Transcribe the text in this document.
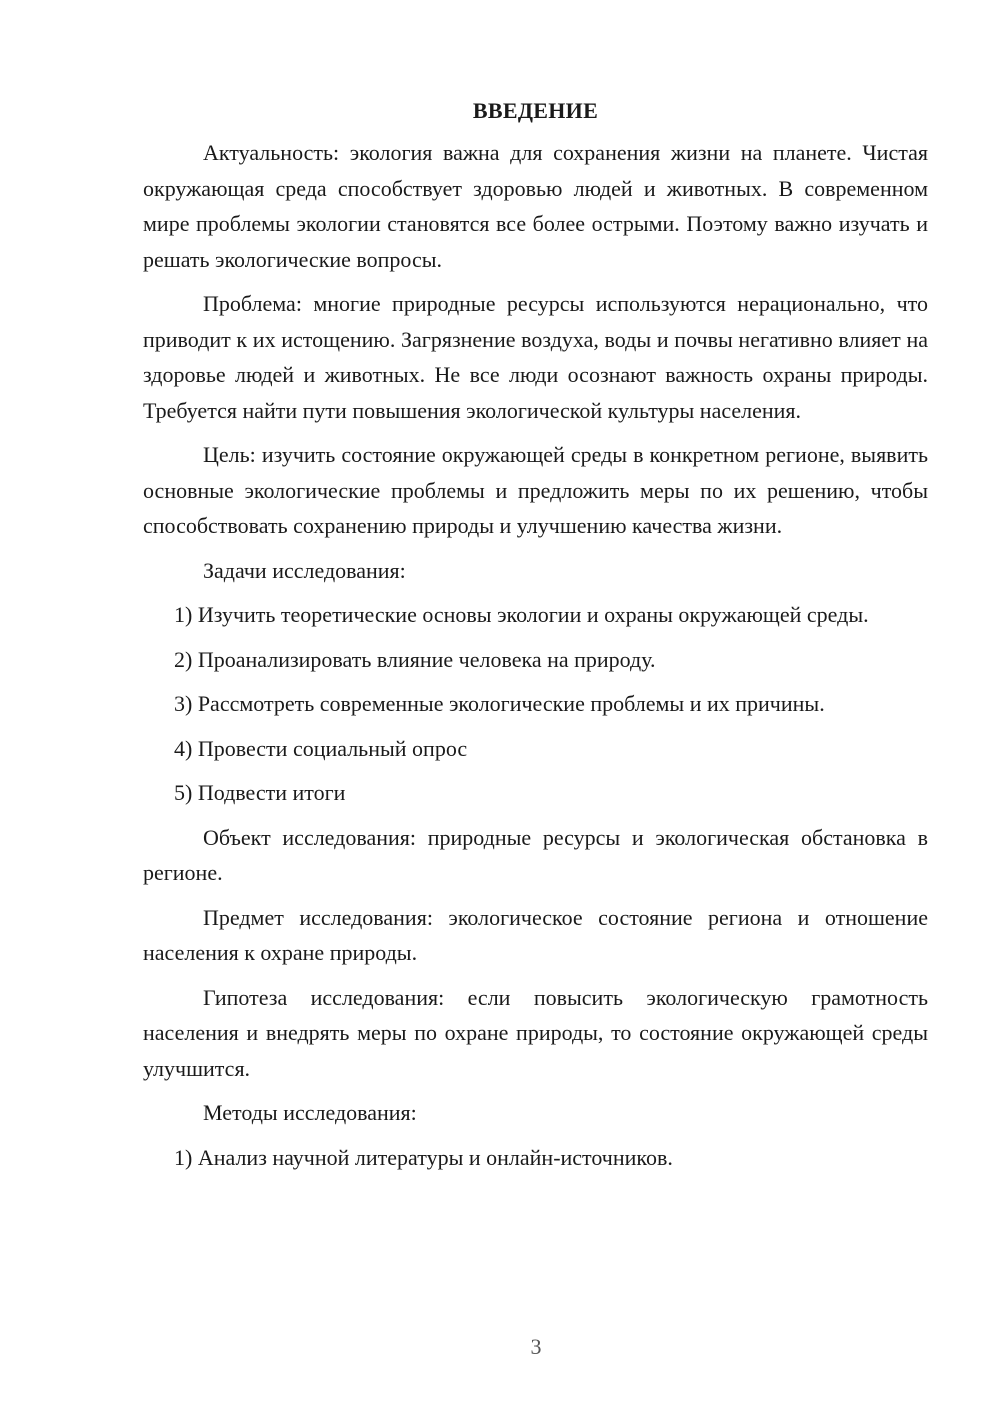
ВВЕДЕНИЕ

Актуальность: экология важна для сохранения жизни на планете. Чистая окружающая среда способствует здоровью людей и животных. В современном мире проблемы экологии становятся все более острыми. Поэтому важно изучать и решать экологические вопросы.

Проблема: многие природные ресурсы используются нерационально, что приводит к их истощению. Загрязнение воздуха, воды и почвы негативно влияет на здоровье людей и животных. Не все люди осознают важность охраны природы. Требуется найти пути повышения экологической культуры населения.

Цель: изучить состояние окружающей среды в конкретном регионе, выявить основные экологические проблемы и предложить меры по их решению, чтобы способствовать сохранению природы и улучшению качества жизни.

Задачи исследования:

1) Изучить теоретические основы экологии и охраны окружающей среды.

2) Проанализировать влияние человека на природу.

3) Рассмотреть современные экологические проблемы и их причины.

4) Провести социальный опрос

5) Подвести итоги

Объект исследования: природные ресурсы и экологическая обстановка в регионе.

Предмет исследования: экологическое состояние региона и отношение населения к охране природы.

Гипотеза исследования: если повысить экологическую грамотность населения и внедрять меры по охране природы, то состояние окружающей среды улучшится.

Методы исследования:

1) Анализ научной литературы и онлайн-источников.

3
